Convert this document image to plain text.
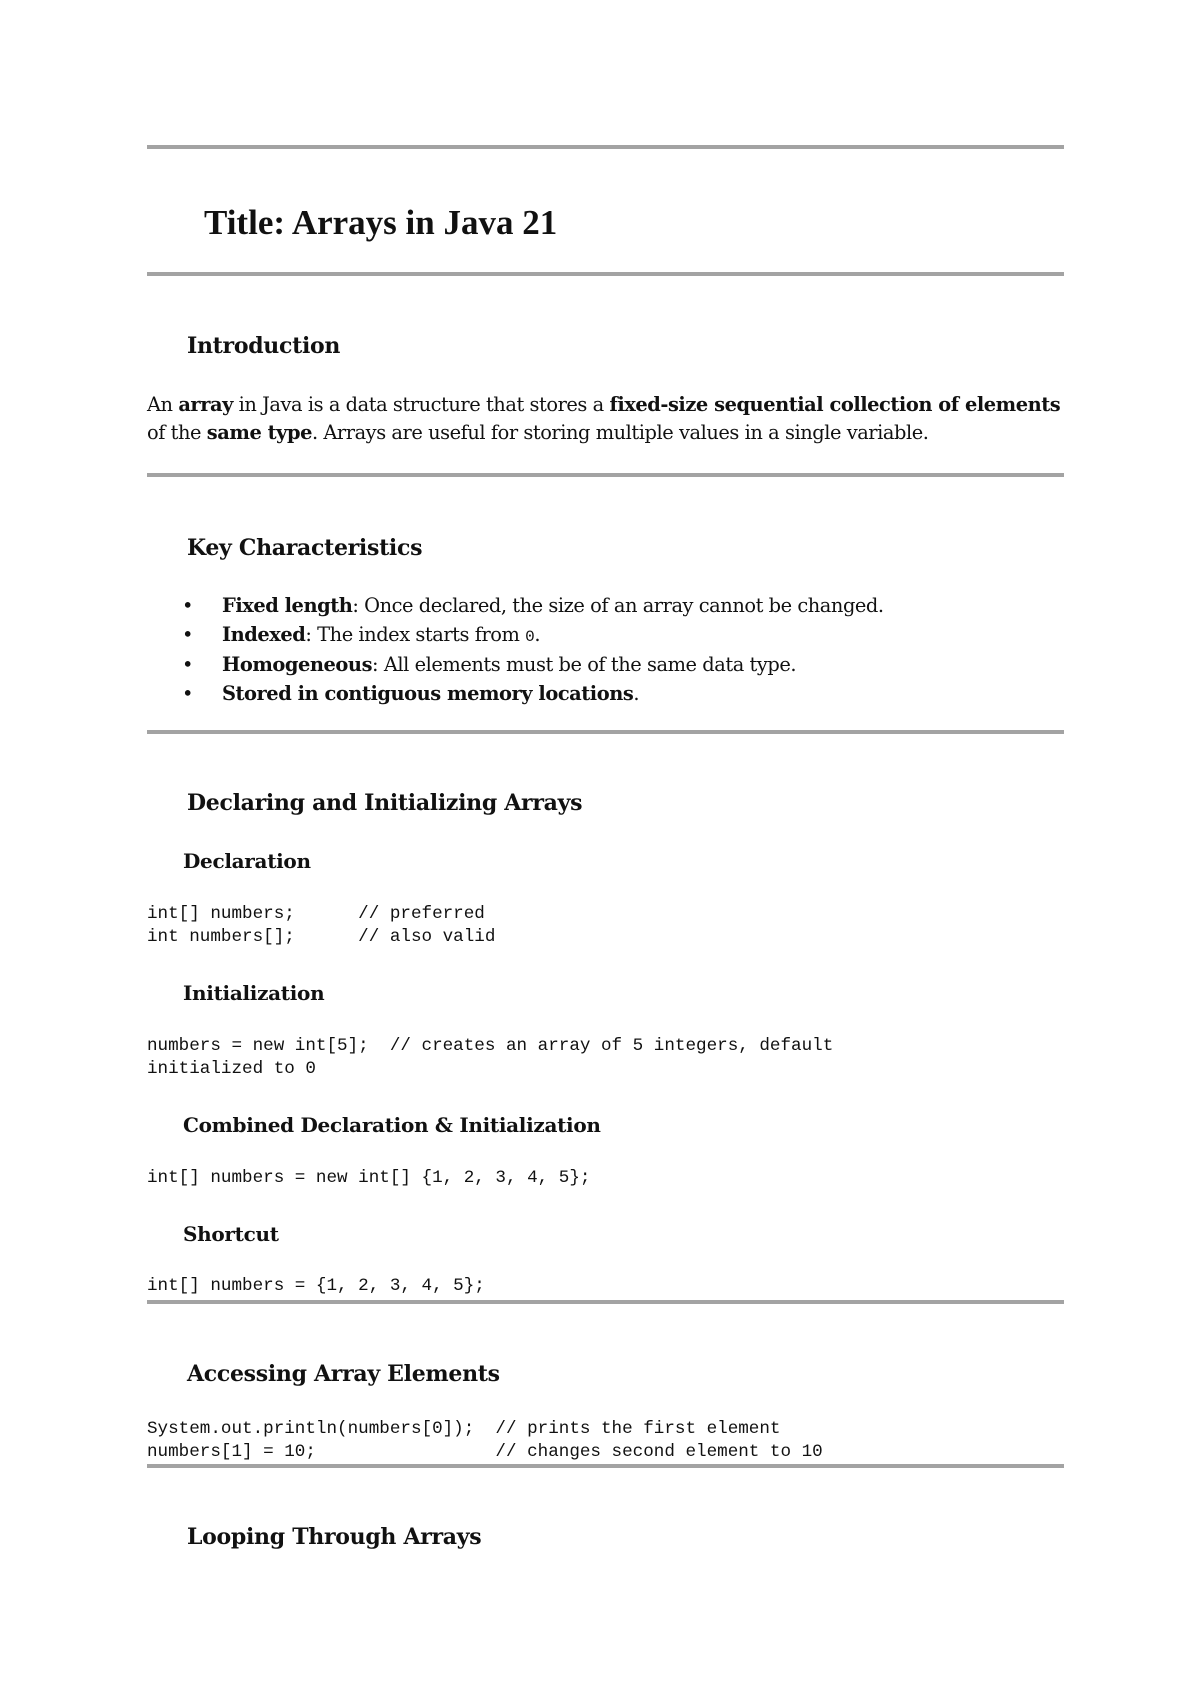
Title: Arrays in Java 21
Introduction

An array in Java is a data structure that stores a fixed-size sequential collection of elements
of the same type. Arrays are useful for storing multiple values in a single variable.

Key Characteristics
• Fixed length: Once declared, the size of an array cannot be changed.
• Indexed: The index starts from 0.
• Homogeneous: All elements must be of the same data type.
• Stored in contiguous memory locations.
Declaring and Initializing Arrays
Declaration
int[] numbers;      // preferred
int numbers[];      // also valid
Initialization
numbers = new int[5];  // creates an array of 5 integers, default
initialized to 0
Combined Declaration & Initialization
int[] numbers = new int[] {1, 2, 3, 4, 5};
Shortcut
int[] numbers = {1, 2, 3, 4, 5};
Accessing Array Elements
System.out.println(numbers[0]);  // prints the first element
numbers[1] = 10;                 // changes second element to 10
Looping Through Arrays
